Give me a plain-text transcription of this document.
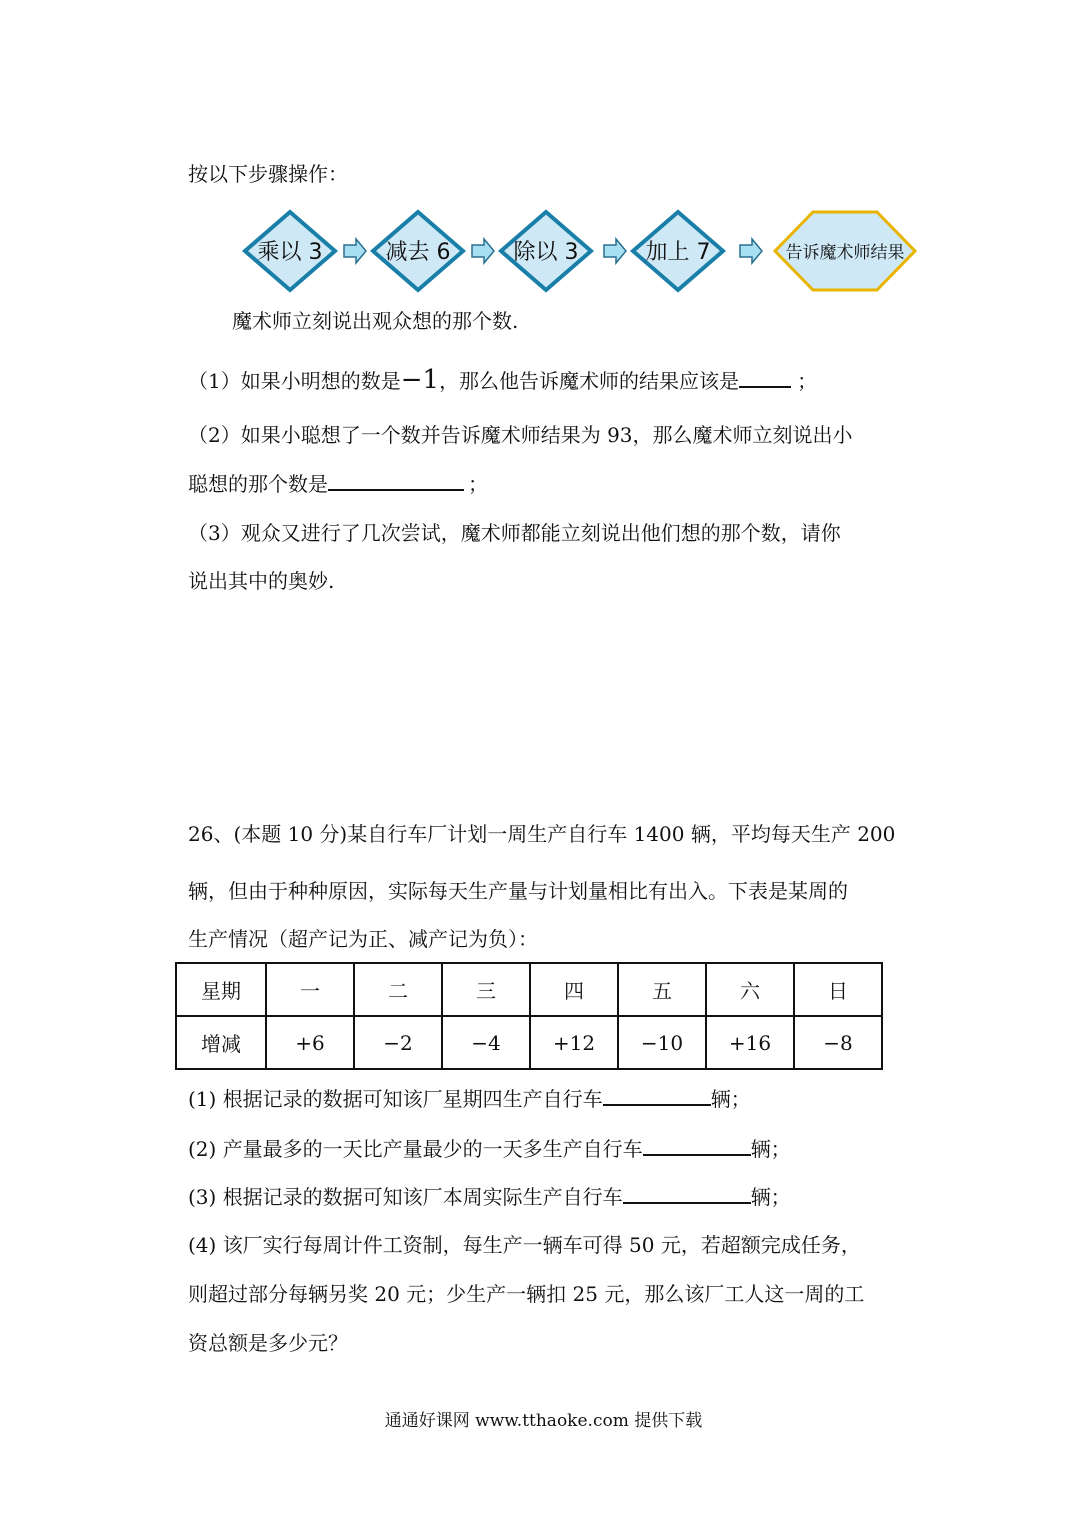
按以下步骤操作：
乘以 3	减去 6	除以 3	加上 7	告诉魔术师结果
魔术师立刻说出观众想的那个数.
（1）如果小明想的数是−1，那么他告诉魔术师的结果应该是	；
（2）如果小聪想了一个数并告诉魔术师结果为 93，那么魔术师立刻说出小
聪想的那个数是	；
（3）观众又进行了几次尝试，魔术师都能立刻说出他们想的那个数，请你
说出其中的奥妙.
26、(本题 10 分)某自行车厂计划一周生产自行车 1400 辆，平均每天生产 200
辆，但由于种种原因，实际每天生产量与计划量相比有出入。下表是某周的
生产情况（超产记为正、减产记为负）：
星期	一	二	三	四	五	六	日
增减	+6	−2	−4	+12	−10	+16	−8
(1) 根据记录的数据可知该厂星期四生产自行车	辆；
(2) 产量最多的一天比产量最少的一天多生产自行车	辆；
(3) 根据记录的数据可知该厂本周实际生产自行车	辆；
(4) 该厂实行每周计件工资制，每生产一辆车可得 50 元，若超额完成任务，
则超过部分每辆另奖 20 元；少生产一辆扣 25 元，那么该厂工人这一周的工
资总额是多少元？
通通好课网 www.tthaoke.com 提供下载
